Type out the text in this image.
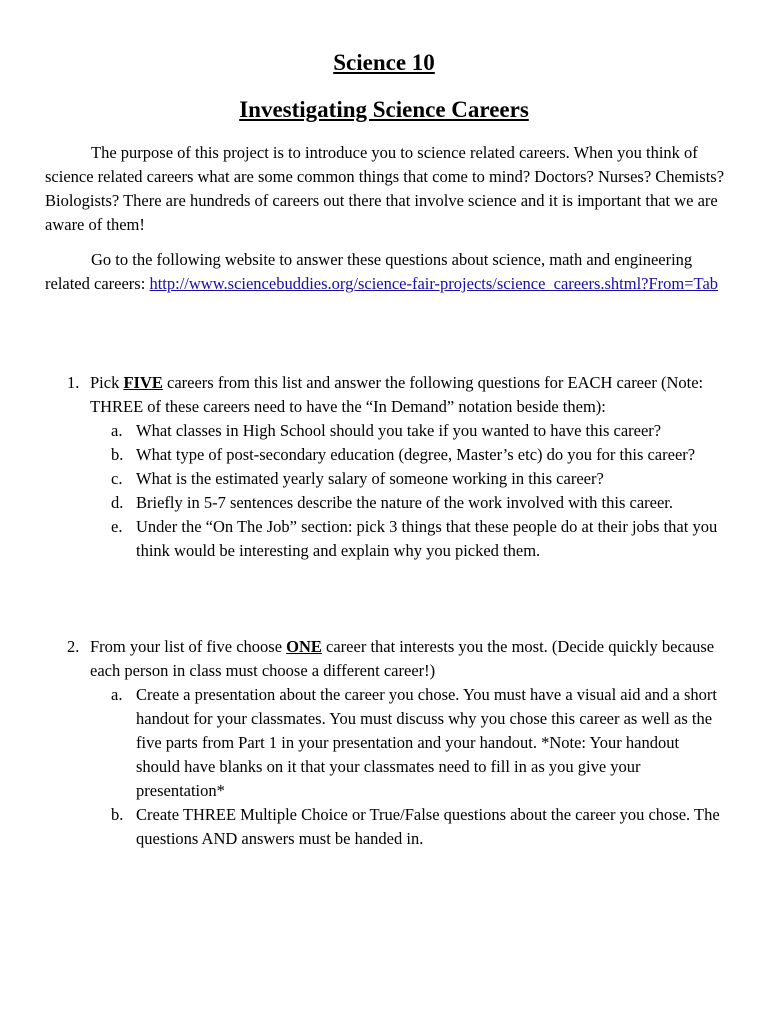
Science 10
Investigating Science Careers

The purpose of this project is to introduce you to science related careers. When you think of science related careers what are some common things that come to mind? Doctors? Nurses? Chemists? Biologists? There are hundreds of careers out there that involve science and it is important that we are aware of them!

Go to the following website to answer these questions about science, math and engineering related careers: http://www.sciencebuddies.org/science-fair-projects/science_careers.shtml?From=Tab

1. Pick FIVE careers from this list and answer the following questions for EACH career (Note: THREE of these careers need to have the “In Demand” notation beside them):
a. What classes in High School should you take if you wanted to have this career?
b. What type of post-secondary education (degree, Master’s etc) do you for this career?
c. What is the estimated yearly salary of someone working in this career?
d. Briefly in 5-7 sentences describe the nature of the work involved with this career.
e. Under the “On The Job” section: pick 3 things that these people do at their jobs that you think would be interesting and explain why you picked them.
2. From your list of five choose ONE career that interests you the most. (Decide quickly because each person in class must choose a different career!)
a. Create a presentation about the career you chose. You must have a visual aid and a short handout for your classmates. You must discuss why you chose this career as well as the five parts from Part 1 in your presentation and your handout. *Note: Your handout should have blanks on it that your classmates need to fill in as you give your presentation*
b. Create THREE Multiple Choice or True/False questions about the career you chose. The questions AND answers must be handed in.
